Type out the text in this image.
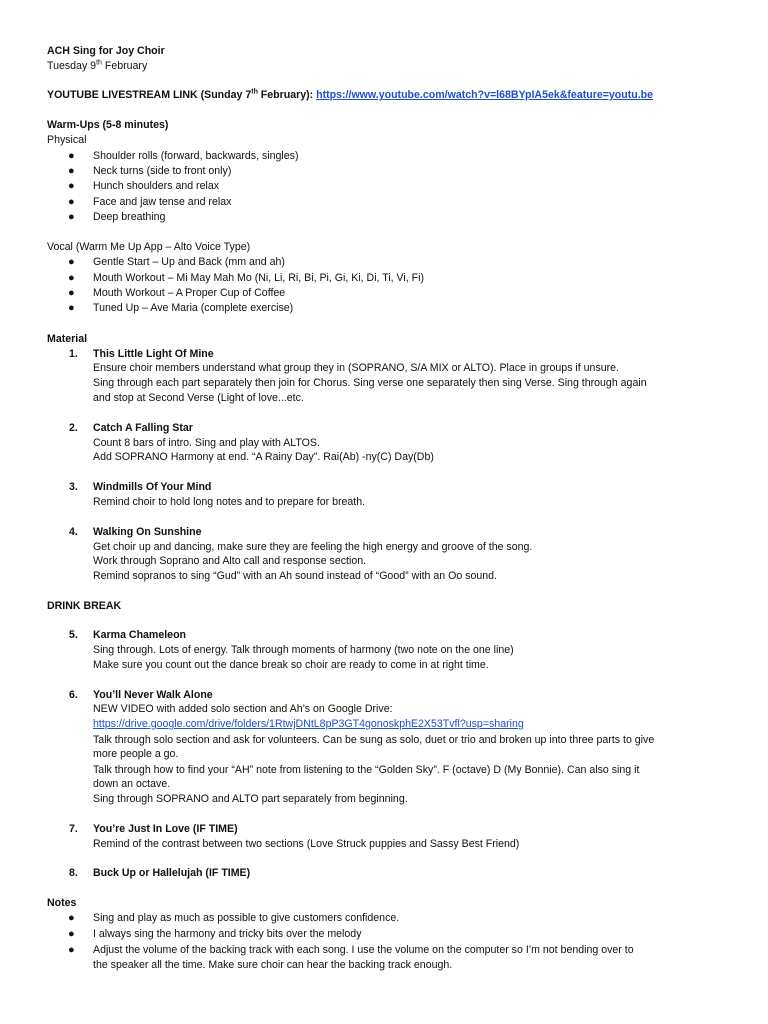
ACH Sing for Joy Choir
Tuesday 9th February
YOUTUBE LIVESTREAM LINK (Sunday 7th February): https://www.youtube.com/watch?v=l68BYpIA5ek&feature=youtu.be
Warm-Ups (5-8 minutes)
Physical
● Shoulder rolls (forward, backwards, singles)
● Neck turns (side to front only)
● Hunch shoulders and relax
● Face and jaw tense and relax
● Deep breathing
Vocal (Warm Me Up App – Alto Voice Type)
● Gentle Start – Up and Back (mm and ah)
● Mouth Workout – Mi May Mah Mo (Ni, Li, Ri, Bi, Pi, Gi, Ki, Di, Ti, Vi, Fi)
● Mouth Workout – A Proper Cup of Coffee
● Tuned Up – Ave Maria (complete exercise)
Material
1. This Little Light Of Mine
Ensure choir members understand what group they in (SOPRANO, S/A MIX or ALTO). Place in groups if unsure.
Sing through each part separately then join for Chorus. Sing verse one separately then sing Verse. Sing through again
and stop at Second Verse (Light of love...etc.
2. Catch A Falling Star
Count 8 bars of intro. Sing and play with ALTOS.
Add SOPRANO Harmony at end. “A Rainy Day”. Rai(Ab) -ny(C) Day(Db)
3. Windmills Of Your Mind
Remind choir to hold long notes and to prepare for breath.
4. Walking On Sunshine
Get choir up and dancing, make sure they are feeling the high energy and groove of the song.
Work through Soprano and Alto call and response section.
Remind sopranos to sing “Gud” with an Ah sound instead of “Good” with an Oo sound.
DRINK BREAK
5. Karma Chameleon
Sing through. Lots of energy. Talk through moments of harmony (two note on the one line)
Make sure you count out the dance break so choir are ready to come in at right time.
6. You’ll Never Walk Alone
NEW VIDEO with added solo section and Ah’s on Google Drive:
https://drive.google.com/drive/folders/1RtwjDNtL8pP3GT4gonoskphE2X53Tvfl?usp=sharing
Talk through solo section and ask for volunteers. Can be sung as solo, duet or trio and broken up into three parts to give
more people a go.
Talk through how to find your “AH” note from listening to the “Golden Sky”. F (octave) D (My Bonnie). Can also sing it
down an octave.
Sing through SOPRANO and ALTO part separately from beginning.
7. You’re Just In Love (IF TIME)
Remind of the contrast between two sections (Love Struck puppies and Sassy Best Friend)
8. Buck Up or Hallelujah (IF TIME)
Notes
● Sing and play as much as possible to give customers confidence.
● I always sing the harmony and tricky bits over the melody
● Adjust the volume of the backing track with each song. I use the volume on the computer so I’m not bending over to
the speaker all the time. Make sure choir can hear the backing track enough.
